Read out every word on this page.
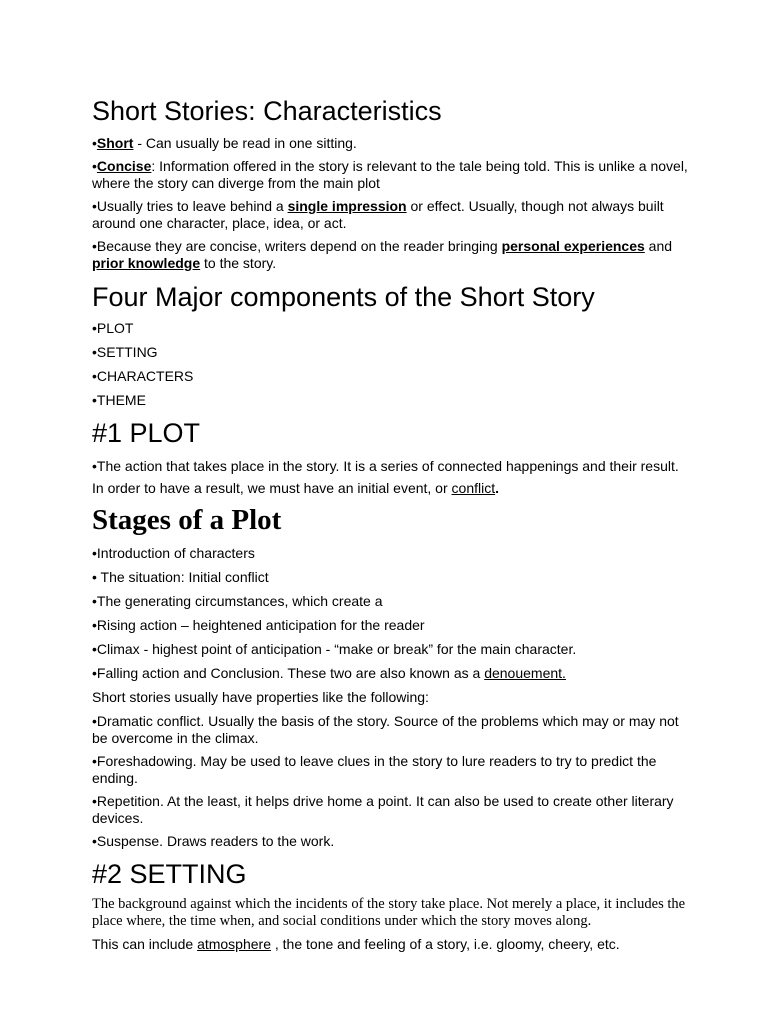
Short Stories: Characteristics

•Short - Can usually be read in one sitting.

•Concise: Information offered in the story is relevant to the tale being told. This is unlike a novel, where the story can diverge from the main plot

•Usually tries to leave behind a single impression or effect. Usually, though not always built around one character, place, idea, or act.

•Because they are concise, writers depend on the reader bringing personal experiences and prior knowledge to the story.

Four Major components of the Short Story

•PLOT

•SETTING

•CHARACTERS

•THEME

#1 PLOT

•The action that takes place in the story. It is a series of connected happenings and their result. In order to have a result, we must have an initial event, or conflict.

Stages of a Plot

•Introduction of characters

• The situation: Initial conflict

•The generating circumstances, which create a

•Rising action – heightened anticipation for the reader

•Climax - highest point of anticipation - “make or break” for the main character.

•Falling action and Conclusion. These two are also known as a denouement.

Short stories usually have properties like the following:

•Dramatic conflict. Usually the basis of the story. Source of the problems which may or may not be overcome in the climax.

•Foreshadowing. May be used to leave clues in the story to lure readers to try to predict the ending.

•Repetition. At the least, it helps drive home a point. It can also be used to create other literary devices.

•Suspense. Draws readers to the work.

#2 SETTING

The background against which the incidents of the story take place. Not merely a place, it includes the place where, the time when, and social conditions under which the story moves along.

This can include atmosphere , the tone and feeling of a story, i.e. gloomy, cheery, etc.
